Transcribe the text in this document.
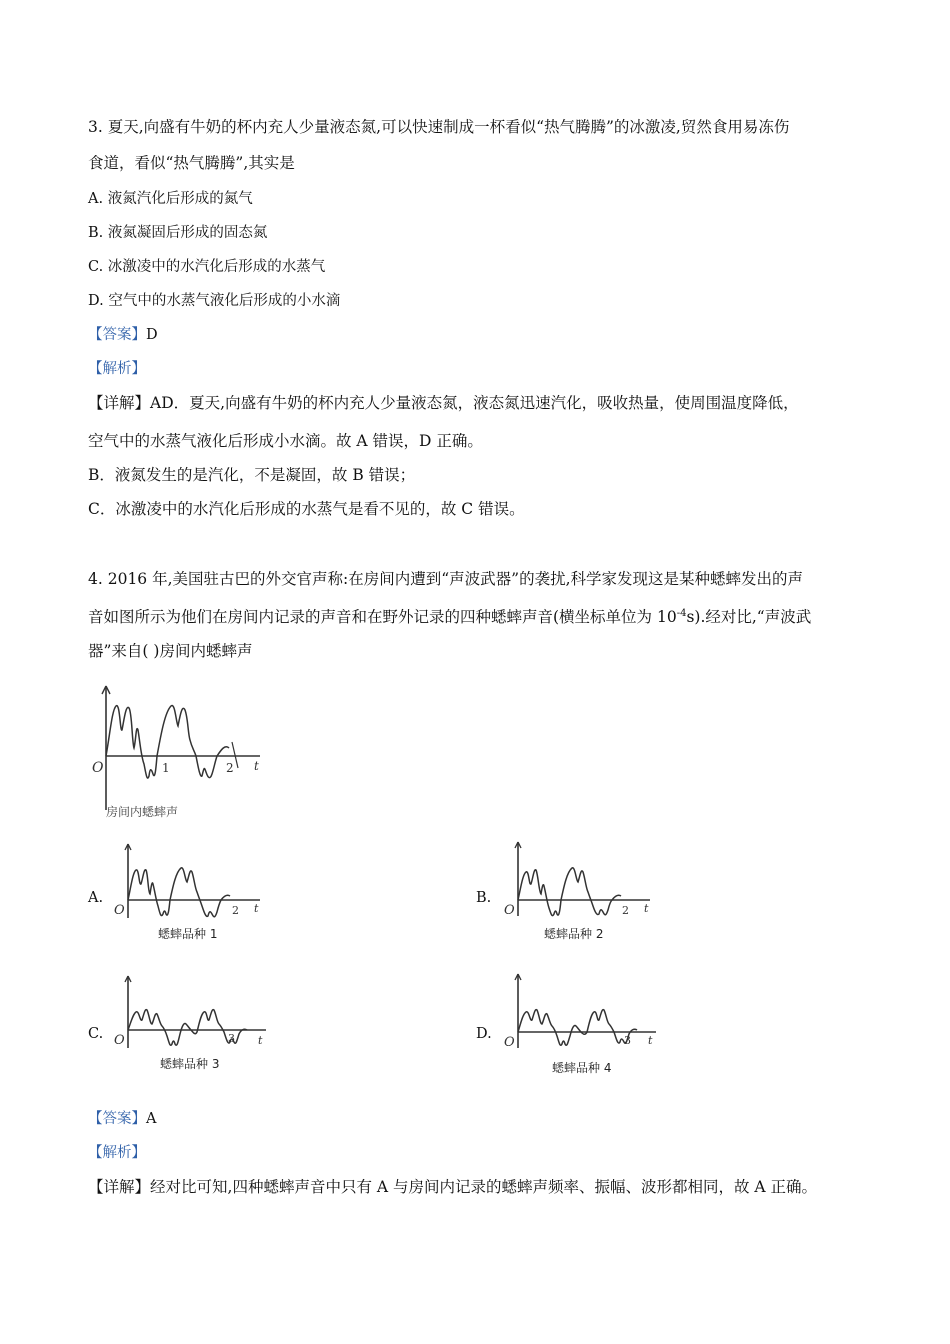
3. 夏天,向盛有牛奶的杯内充人少量液态氮,可以快速制成一杯看似“热气腾腾”的冰激凌,贸然食用易冻伤
食道，看似“热气腾腾”,其实是
A. 液氮汽化后形成的氮气
B. 液氮凝固后形成的固态氮
C. 冰激凌中的水汽化后形成的水蒸气
D. 空气中的水蒸气液化后形成的小水滴
【答案】D
【解析】
【详解】AD．夏天,向盛有牛奶的杯内充人少量液态氮，液态氮迅速汽化，吸收热量，使周围温度降低，
空气中的水蒸气液化后形成小水滴。故 A 错误，D 正确。
B．液氮发生的是汽化，不是凝固，故 B 错误；
C．冰激凌中的水汽化后形成的水蒸气是看不见的，故 C 错误。
4. 2016 年,美国驻古巴的外交官声称:在房间内遭到“声波武器”的袭扰,科学家发现这是某种蟋蟀发出的声
音如图所示为他们在房间内记录的声音和在野外记录的四种蟋蟀声音(横坐标单位为 $10^{-4}s$).经对比,“声波武
器”来自( )房间内蟋蟀声
O	1	2 t
房间内蟋蟀声
A.
O	2 t
蟋蟀品种 1
B.
O	2 t
蟋蟀品种 2
C. O	3 t
蟋蟀品种 3
D.
O	3 t
蟋蟀品种 4
【答案】A
【解析】
【详解】经对比可知,四种蟋蟀声音中只有 A 与房间内记录的蟋蟀声频率、振幅、波形都相同，故 A 正确。
